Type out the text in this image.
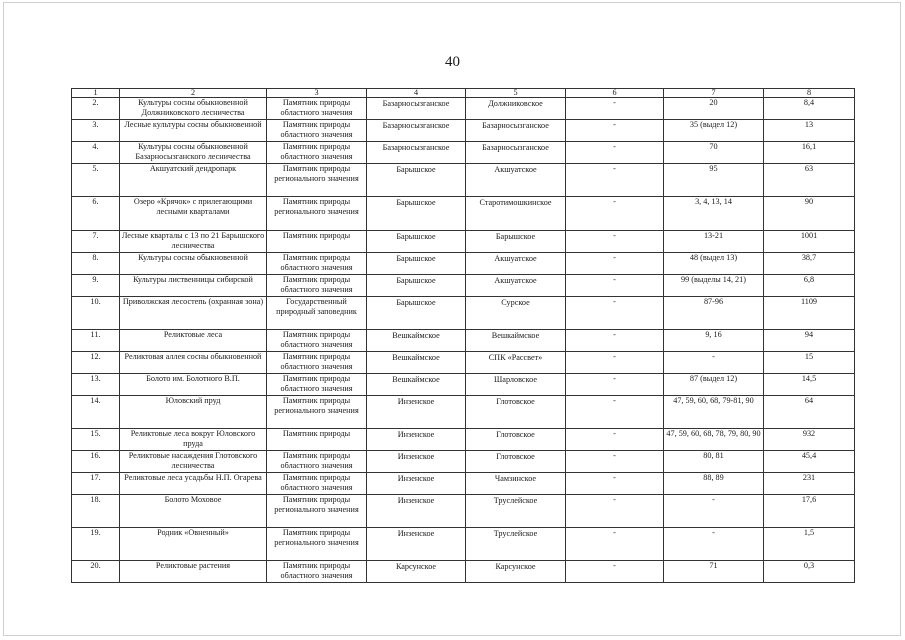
40
1	2	3	4	5	6	7	8
2.	Культуры сосны обыкновенной Должниковского лесничества	Памятник природы областного значения	Базарносызганское	Должниковское	-	20	8,4
3.	Лесные культуры сосны обыкновенной	Памятник природы областного значения	Базарносызганское	Базарносызганское	-	35 (выдел 12)	13
4.	Культуры сосны обыкновенной Базарносызганского лесничества	Памятник природы областного значения	Базарносызганское	Базарносызганское	-	70	16,1
5.	Акшуатский дендропарк	Памятник природы регионального значения	Барышское	Акшуатское	-	95	63
6.	Озеро «Крячок» с прилегающими лесными кварталами	Памятник природы регионального значения	Барышское	Старотимошкинское	-	3, 4, 13, 14	90
7.	Лесные кварталы с 13 по 21 Барышского лесничества	Памятник природы	Барышское	Барышское	-	13-21	1001
8.	Культуры сосны обыкновенной	Памятник природы областного значения	Барышское	Акшуатское	-	48 (выдел 13)	38,7
9.	Культуры лиственницы сибирской	Памятник природы областного значения	Барышское	Акшуатское	-	99 (выделы 14, 21)	6,8
10.	Приволжская лесостепь (охранная зона)	Государственный природный заповедник	Барышское	Сурское	-	87-96	1109
11.	Реликтовые леса	Памятник природы областного значения	Вешкаймское	Вешкаймское	-	9, 16	94
12.	Реликтовая аллея сосны обыкновенной	Памятник природы областного значения	Вешкаймское	СПК «Рассвет»	-	-	15
13.	Болото им. Болотного В.П.	Памятник природы областного значения	Вешкаймское	Шарловское	-	87 (выдел 12)	14,5
14.	Юловский пруд	Памятник природы регионального значения	Инзенское	Глотовское	-	47, 59, 60, 68, 79-81, 90	64
15.	Реликтовые леса вокруг Юловского пруда	Памятник природы	Инзенское	Глотовское	-	47, 59, 60, 68, 78, 79, 80, 90	932
16.	Реликтовые насаждения Глотовского лесничества	Памятник природы областного значения	Инзенское	Глотовское	-	80, 81	45,4
17.	Реликтовые леса усадьбы Н.П. Огарева	Памятник природы областного значения	Инзенское	Чамзинское	-	88, 89	231
18.	Болото Моховое	Памятник природы регионального значения	Инзенское	Труслейское	-	-	17,6
19.	Родник «Овненный»	Памятник природы регионального значения	Инзенское	Труслейское	-	-	1,5
20.	Реликтовые растения	Памятник природы областного значения	Карсунское	Карсунское	-	71	0,3
